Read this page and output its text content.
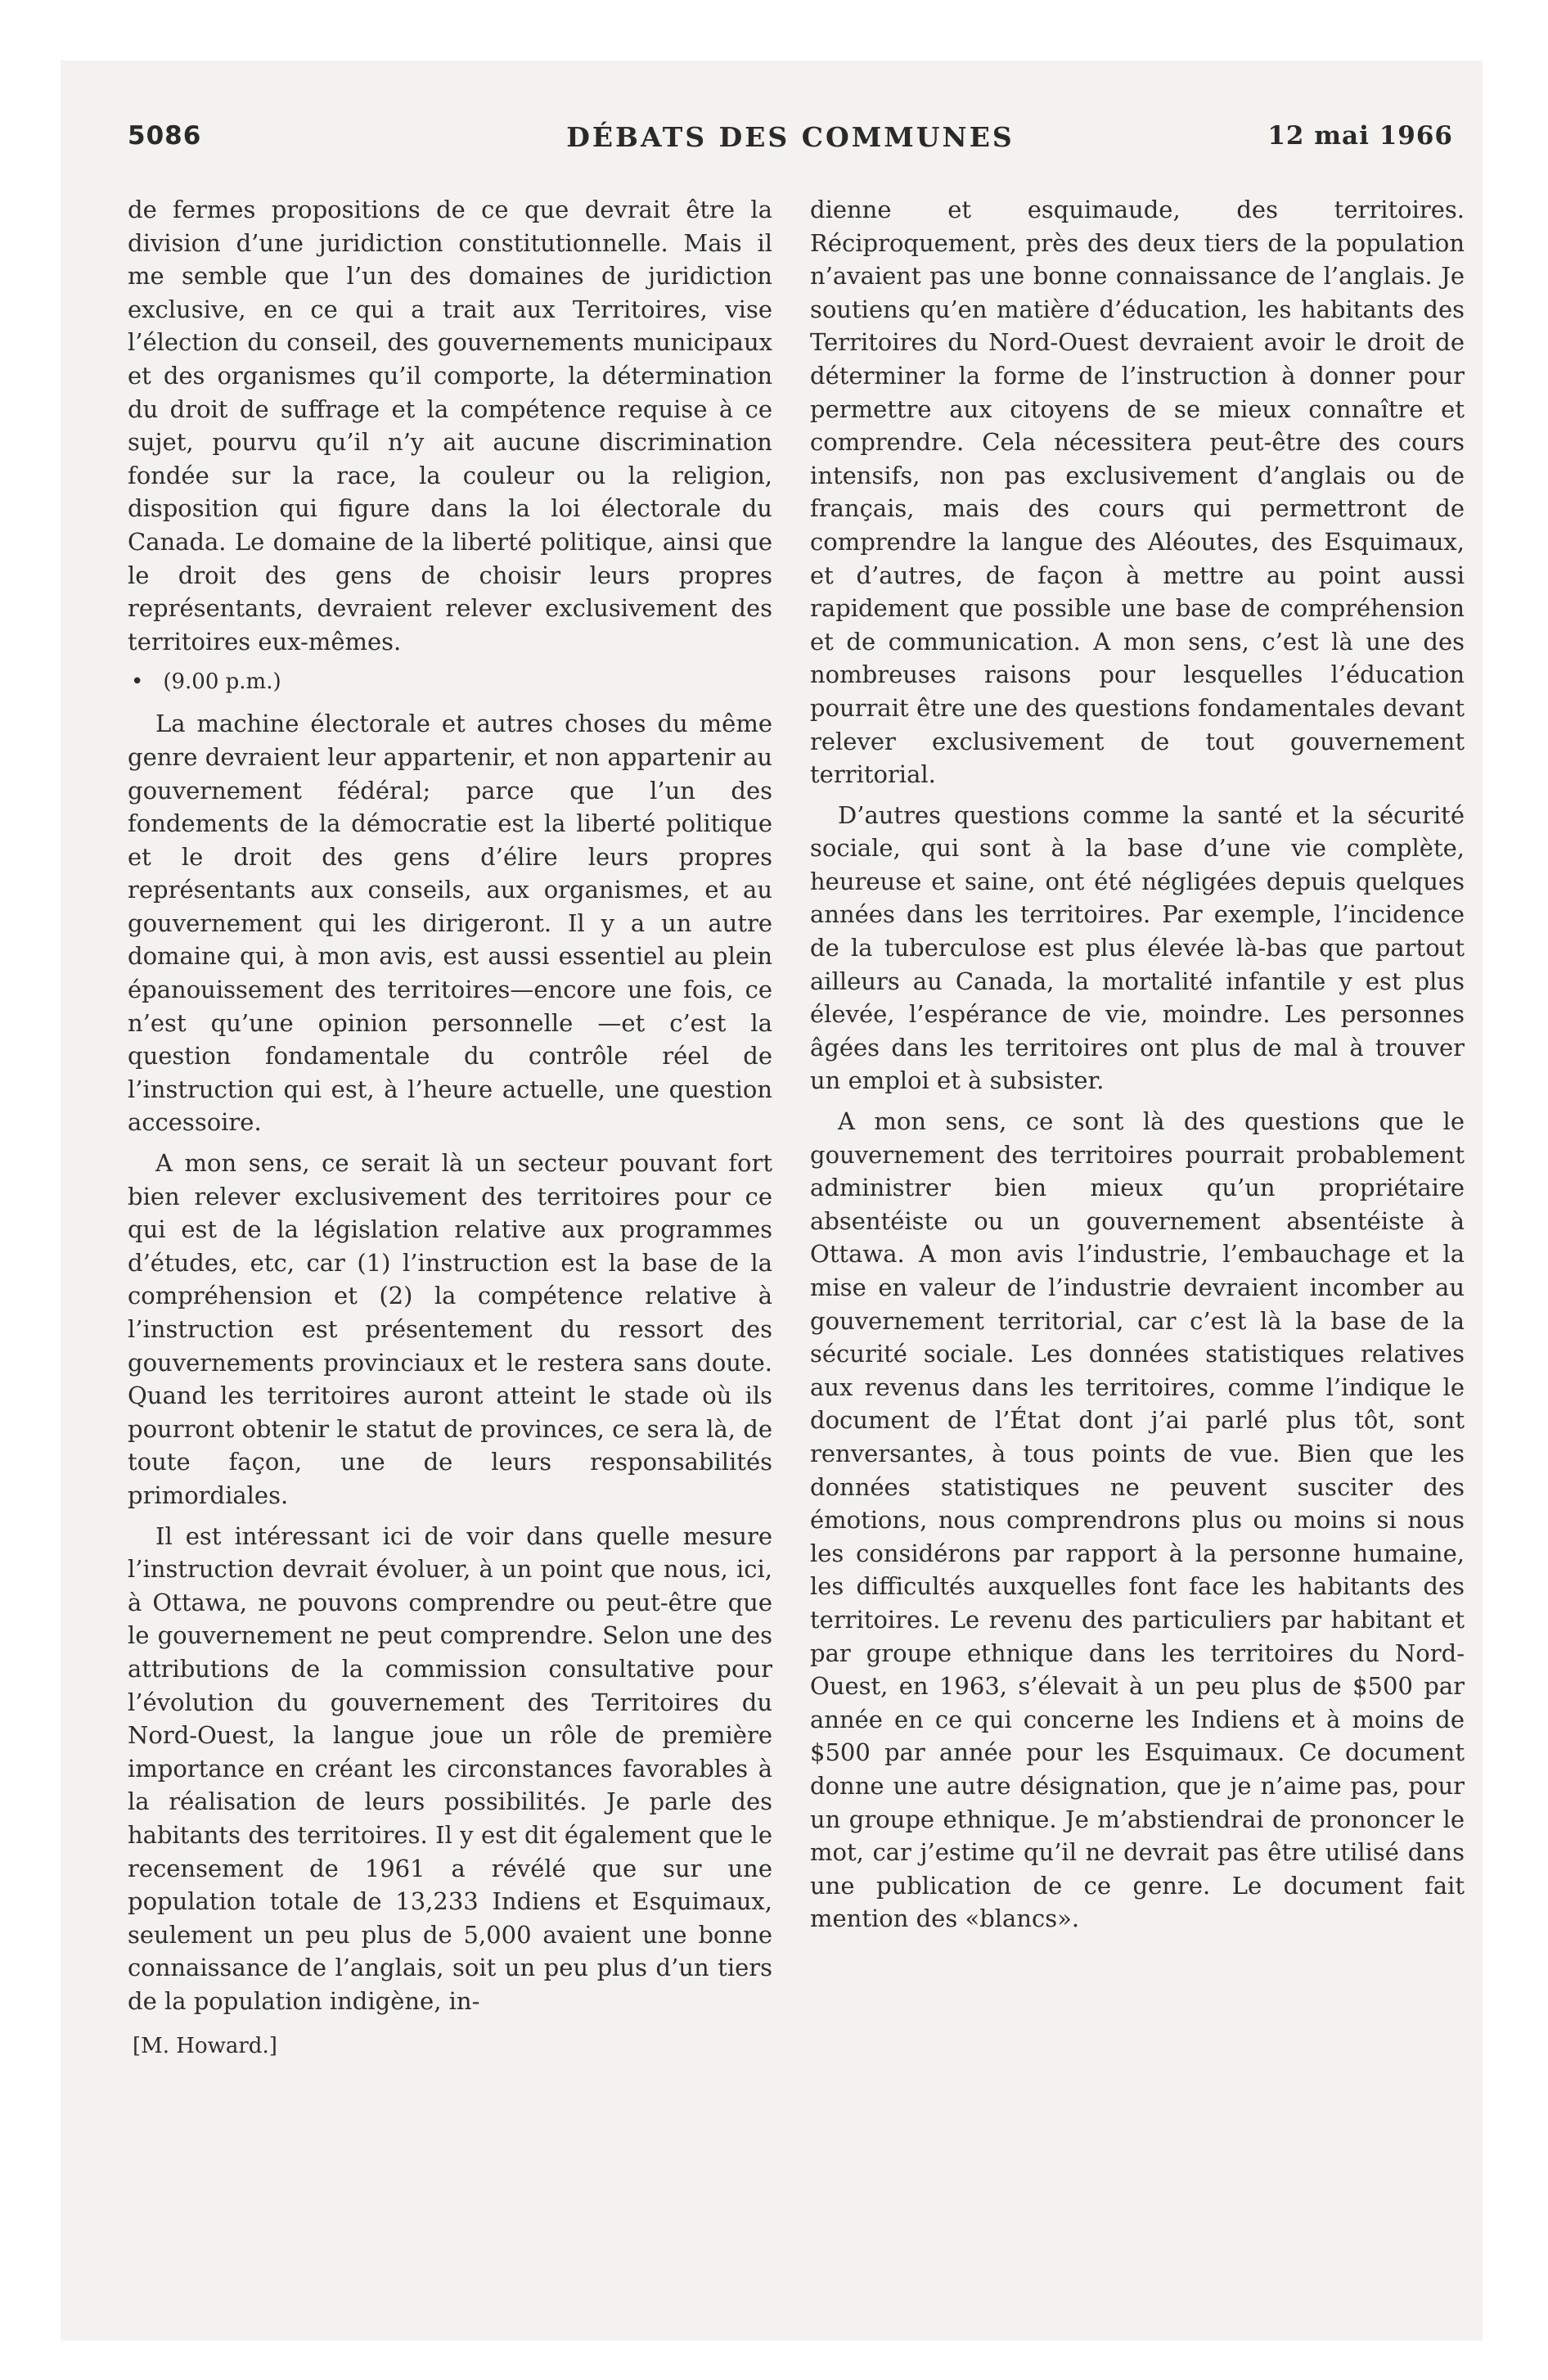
5086	DÉBATS DES COMMUNES	12 mai 1966

de fermes propositions de ce que devrait être la division d’une juridiction constitutionnelle. Mais il me semble que l’un des domaines de juridiction exclusive, en ce qui a trait aux Territoires, vise l’élection du conseil, des gouvernements municipaux et des organismes qu’il comporte, la détermination du droit de suffrage et la compétence requise à ce sujet, pourvu qu’il n’y ait aucune discrimination fondée sur la race, la couleur ou la religion, disposition qui figure dans la loi électorale du Canada. Le domaine de la liberté politique, ainsi que le droit des gens de choisir leurs propres représentants, devraient relever exclusivement des territoires eux-mêmes.

• (9.00 p.m.)

La machine électorale et autres choses du même genre devraient leur appartenir, et non appartenir au gouvernement fédéral; parce que l’un des fondements de la démocratie est la liberté politique et le droit des gens d’élire leurs propres représentants aux conseils, aux organismes, et au gouvernement qui les dirigeront. Il y a un autre domaine qui, à mon avis, est aussi essentiel au plein épanouissement des territoires—encore une fois, ce n’est qu’une opinion personnelle —et c’est la question fondamentale du contrôle réel de l’instruction qui est, à l’heure actuelle, une question accessoire.

A mon sens, ce serait là un secteur pouvant fort bien relever exclusivement des territoires pour ce qui est de la législation relative aux programmes d’études, etc, car (1) l’instruction est la base de la compréhension et (2) la compétence relative à l’instruction est présentement du ressort des gouvernements provinciaux et le restera sans doute. Quand les territoires auront atteint le stade où ils pourront obtenir le statut de provinces, ce sera là, de toute façon, une de leurs responsabilités primordiales.

Il est intéressant ici de voir dans quelle mesure l’instruction devrait évoluer, à un point que nous, ici, à Ottawa, ne pouvons comprendre ou peut-être que le gouvernement ne peut comprendre. Selon une des attributions de la commission consultative pour l’évolution du gouvernement des Territoires du Nord-Ouest, la langue joue un rôle de première importance en créant les circonstances favorables à la réalisation de leurs possibilités. Je parle des habitants des territoires. Il y est dit également que le recensement de 1961 a révélé que sur une population totale de 13,233 Indiens et Esquimaux, seulement un peu plus de 5,000 avaient une bonne connaissance de l’anglais, soit un peu plus d’un tiers de la population indigène, in-

[M. Howard.]

dienne et esquimaude, des territoires. Réciproquement, près des deux tiers de la population n’avaient pas une bonne connaissance de l’anglais. Je soutiens qu’en matière d’éducation, les habitants des Territoires du Nord-Ouest devraient avoir le droit de déterminer la forme de l’instruction à donner pour permettre aux citoyens de se mieux connaître et comprendre. Cela nécessitera peut-être des cours intensifs, non pas exclusivement d’anglais ou de français, mais des cours qui permettront de comprendre la langue des Aléoutes, des Esquimaux, et d’autres, de façon à mettre au point aussi rapidement que possible une base de compréhension et de communication. A mon sens, c’est là une des nombreuses raisons pour lesquelles l’éducation pourrait être une des questions fondamentales devant relever exclusivement de tout gouvernement territorial.

D’autres questions comme la santé et la sécurité sociale, qui sont à la base d’une vie complète, heureuse et saine, ont été négligées depuis quelques années dans les territoires. Par exemple, l’incidence de la tuberculose est plus élevée là-bas que partout ailleurs au Canada, la mortalité infantile y est plus élevée, l’espérance de vie, moindre. Les personnes âgées dans les territoires ont plus de mal à trouver un emploi et à subsister.

A mon sens, ce sont là des questions que le gouvernement des territoires pourrait probablement administrer bien mieux qu’un propriétaire absentéiste ou un gouvernement absentéiste à Ottawa. A mon avis l’industrie, l’embauchage et la mise en valeur de l’industrie devraient incomber au gouvernement territorial, car c’est là la base de la sécurité sociale. Les données statistiques relatives aux revenus dans les territoires, comme l’indique le document de l’État dont j’ai parlé plus tôt, sont renversantes, à tous points de vue. Bien que les données statistiques ne peuvent susciter des émotions, nous comprendrons plus ou moins si nous les considérons par rapport à la personne humaine, les difficultés auxquelles font face les habitants des territoires. Le revenu des particuliers par habitant et par groupe ethnique dans les territoires du Nord-Ouest, en 1963, s’élevait à un peu plus de $500 par année en ce qui concerne les Indiens et à moins de $500 par année pour les Esquimaux. Ce document donne une autre désignation, que je n’aime pas, pour un groupe ethnique. Je m’abstiendrai de prononcer le mot, car j’estime qu’il ne devrait pas être utilisé dans une publication de ce genre. Le document fait mention des «blancs».
